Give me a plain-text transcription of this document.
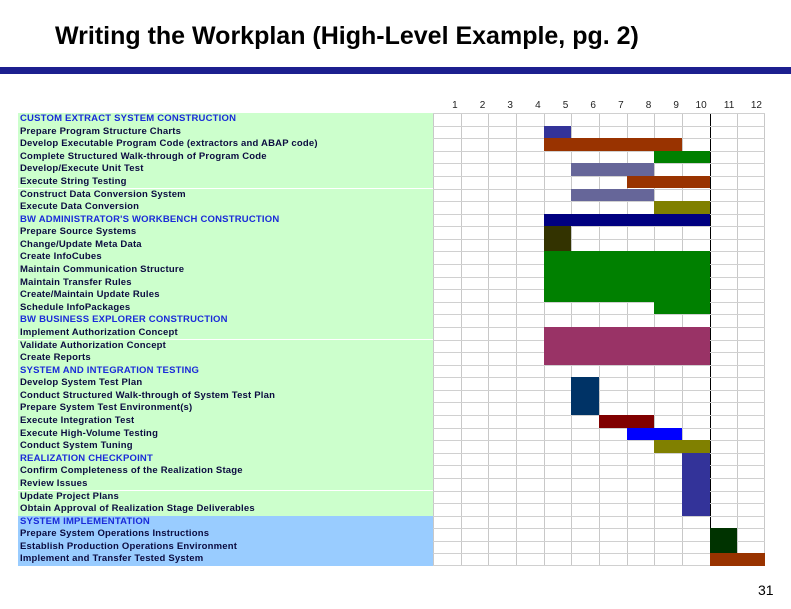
Writing the Workplan (High-Level Example, pg. 2)
1	2	3	4	5	6	7	8	9	10	11	12
CUSTOM EXTRACT SYSTEM CONSTRUCTION
Prepare Program Structure Charts
Develop Executable Program Code (extractors and ABAP code)
Complete Structured Walk-through of Program Code
Develop/Execute Unit Test
Execute String Testing
Construct Data Conversion System
Execute Data Conversion
BW ADMINISTRATOR'S WORKBENCH CONSTRUCTION
Prepare Source Systems
Change/Update Meta Data
Create InfoCubes
Maintain Communication Structure
Maintain Transfer Rules
Create/Maintain Update Rules
Schedule InfoPackages
BW BUSINESS EXPLORER CONSTRUCTION
Implement Authorization Concept
Validate Authorization Concept
Create Reports
SYSTEM AND INTEGRATION TESTING
Develop System Test Plan
Conduct Structured Walk-through of System Test Plan
Prepare System Test Environment(s)
Execute Integration Test
Execute High-Volume Testing
Conduct System Tuning
REALIZATION CHECKPOINT
Confirm Completeness of the Realization Stage
Review Issues
Update Project Plans
Obtain Approval of Realization Stage Deliverables
SYSTEM IMPLEMENTATION
Prepare System Operations Instructions
Establish Production Operations Environment
Implement and Transfer Tested System
31
